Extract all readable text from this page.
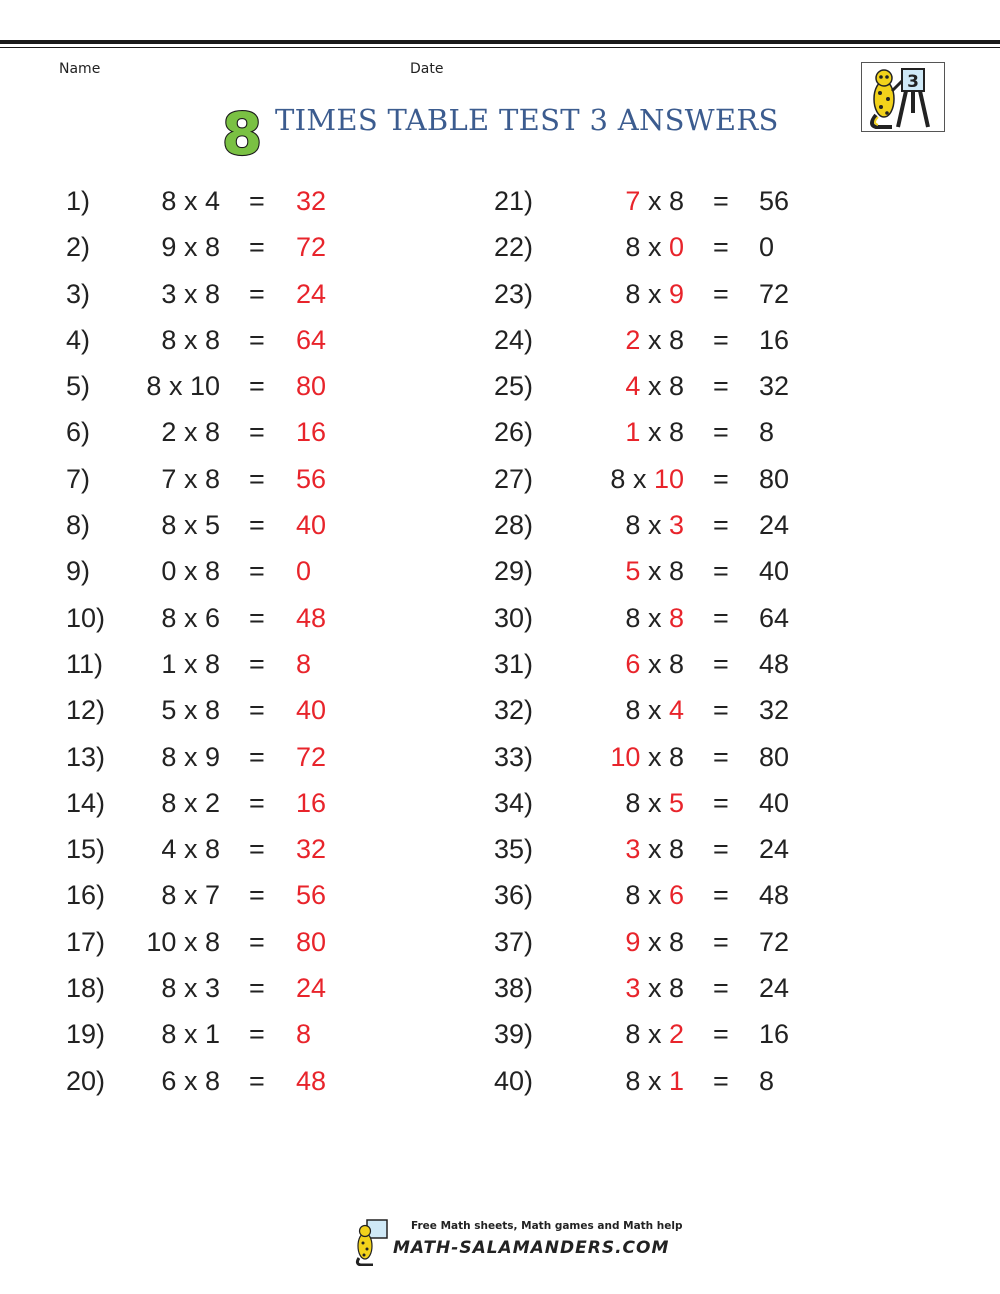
Name	Date
3
8 TIMES TABLE TEST 3 ANSWERS
1)	8 x 4 = 32
2)	9 x 8 = 72
3)	3 x 8 = 24
4)	8 x 8 = 64
5)	8 x 10 = 80
6)	2 x 8 = 16
7)	7 x 8 = 56
8)	8 x 5 = 40
9)	0 x 8 = 0
10)	8 x 6 = 48
11)	1 x 8 = 8
12)	5 x 8 = 40
13)	8 x 9 = 72
14)	8 x 2 = 16
15)	4 x 8 = 32
16)	8 x 7 = 56
17)	10 x 8 = 80
18)	8 x 3 = 24
19)	8 x 1 = 8
20)	6 x 8 = 48
21)	7 x 8 = 56
22)	8 x 0 = 0
23)	8 x 9 = 72
24)	2 x 8 = 16
25)	4 x 8 = 32
26)	1 x 8 = 8
27)	8 x 10 = 80
28)	8 x 3 = 24
29)	5 x 8 = 40
30)	8 x 8 = 64
31)	6 x 8 = 48
32)	8 x 4 = 32
33)	10 x 8 = 80
34)	8 x 5 = 40
35)	3 x 8 = 24
36)	8 x 6 = 48
37)	9 x 8 = 72
38)	3 x 8 = 24
39)	8 x 2 = 16
40)	8 x 1 = 8
Free Math sheets, Math games and Math help
MATH-SALAMANDERS.COM
